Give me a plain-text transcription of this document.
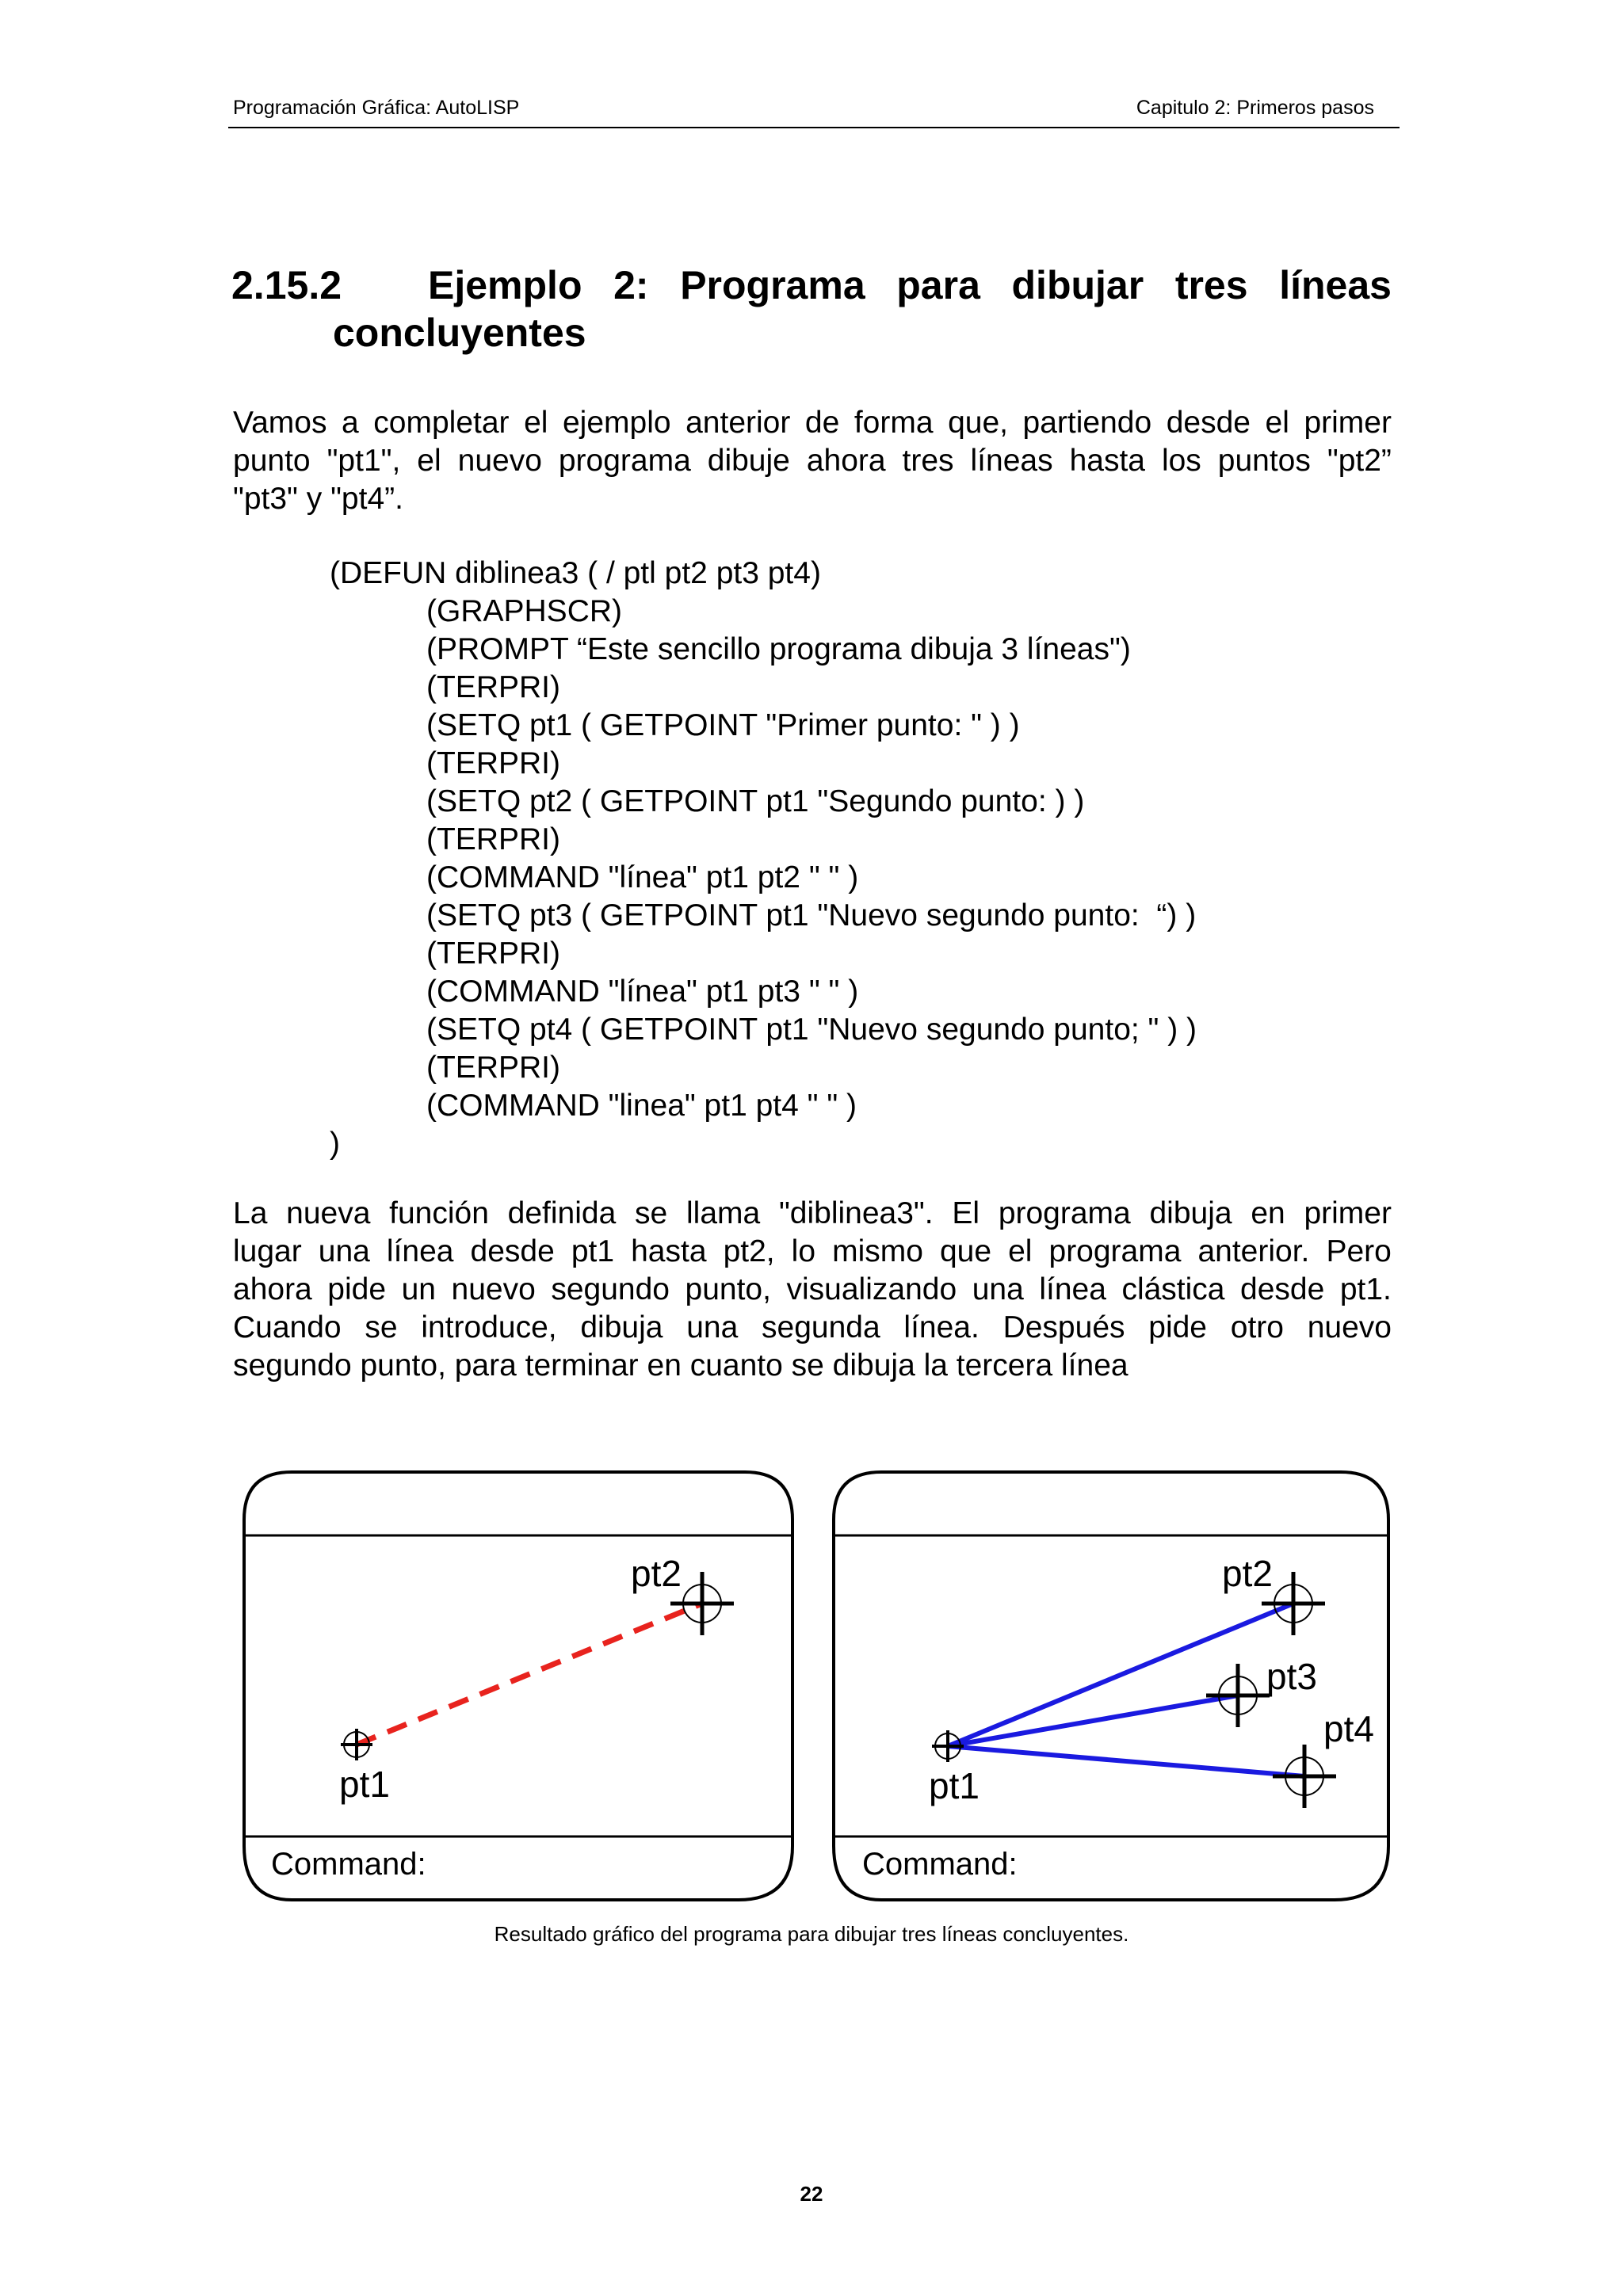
Programación Gráfica: AutoLISP	Capitulo 2: Primeros pasos
2.15.2 Ejemplo 2: Programa para dibujar tres líneas
concluyentes
Vamos a completar el ejemplo anterior de forma que, partiendo desde el primer
punto "pt1", el nuevo programa dibuje ahora tres líneas hasta los puntos "pt2”
"pt3" y "pt4”.
(DEFUN diblinea3 ( / ptl pt2 pt3 pt4)
(GRAPHSCR)
(PROMPT “Este sencillo programa dibuja 3 líneas")
(TERPRI)
(SETQ pt1 ( GETPOINT "Primer punto: " ) )
(TERPRI)
(SETQ pt2 ( GETPOINT pt1 "Segundo punto: ) )
(TERPRI)
(COMMAND "línea" pt1 pt2 " " )
(SETQ pt3 ( GETPOINT pt1 "Nuevo segundo punto:  “) )
(TERPRI)
(COMMAND "línea" pt1 pt3 " " )
(SETQ pt4 ( GETPOINT pt1 "Nuevo segundo punto; " ) )
(TERPRI)
(COMMAND "linea" pt1 pt4 " " )
)
La nueva función definida se llama "diblinea3". El programa dibuja en primer
lugar una línea desde pt1 hasta pt2, lo mismo que el programa anterior. Pero
ahora pide un nuevo segundo punto, visualizando una línea clástica desde pt1.
Cuando se introduce, dibuja una segunda línea. Después pide otro nuevo
segundo punto, para terminar en cuanto se dibuja la tercera línea
pt1
pt2
Command:
pt1
pt2
pt3
pt4
Command:
Resultado gráfico del programa para dibujar tres líneas concluyentes.
22
